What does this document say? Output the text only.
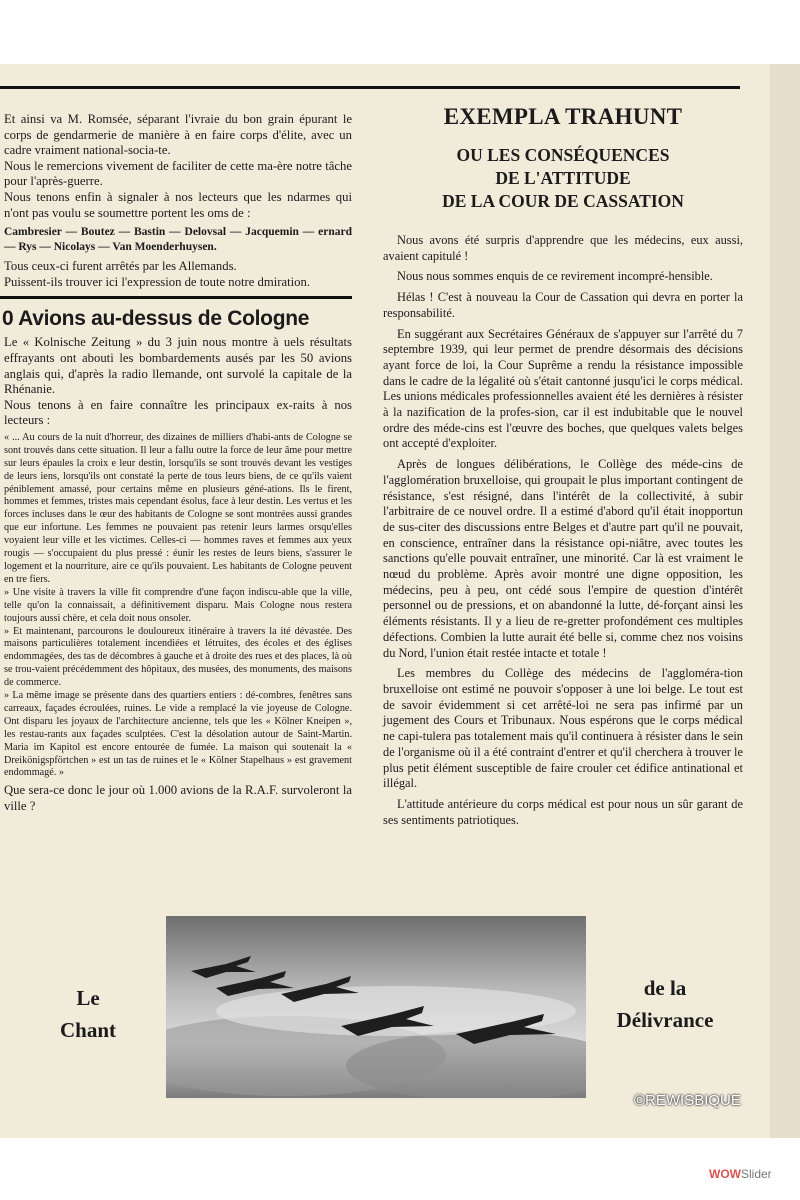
Et ainsi va M. Romsée, séparant l'ivraie du bon grain épurant le corps de gendarmerie de manière à en faire corps d'élite, avec un cadre vraiment national-socia-te.

Nous le remercions vivement de faciliter de cette ma-ère notre tâche pour l'après-guerre.

Nous tenons enfin à signaler à nos lecteurs que les ndarmes qui n'ont pas voulu se soumettre portent les oms de :

Cambresier — Boutez — Bastin — Delovsal — Jacquemin — ernard — Rys — Nicolays — Van Moenderhuysen.

Tous ceux-ci furent arrêtés par les Allemands.

Puissent-ils trouver ici l'expression de toute notre dmiration.

0 Avions au-dessus de Cologne

Le « Kolnische Zeitung » du 3 juin nous montre à uels résultats effrayants ont abouti les bombardements ausés par les 50 avions anglais qui, d'après la radio llemande, ont survolé la capitale de la Rhénanie.

Nous tenons à en faire connaître les principaux ex-raits à nos lecteurs :

« ... Au cours de la nuit d'horreur, des dizaines de milliers d'habi-ants de Cologne se sont trouvés dans cette situation. Il leur a fallu outre la force de leur âme pour mettre sur leurs épaules la croix e leur destin, lorsqu'ils se sont trouvés devant les vestiges de leurs iens, lorsqu'ils ont constaté la perte de tous leurs biens, de ce qu'ils vaient péniblement amassé, pour certains même en plusieurs géné-ations. Ils le firent, hommes et femmes, tristes mais cependant ésolus, face à leur destin. Les vertus et les forces incluses dans le œur des habitants de Cologne se sont montrées aussi grandes que eur infortune. Les femmes ne pouvaient pas retenir leurs larmes orsqu'elles voyaient leur ville et les victimes. Celles-ci — hommes raves et femmes aux yeux rougis — s'occupaient du plus pressé : éunir les restes de leurs biens, s'assurer le logement et la nourriture, aire ce qu'ils pouvaient. Les habitants de Cologne peuvent en tre fiers.

» Une visite à travers la ville fit comprendre d'une façon indiscu-able que la ville, telle qu'on la connaissait, a définitivement disparu. Mais Cologne nous restera toujours aussi chère, et cela doit nous onsoler.

» Et maintenant, parcourons le douloureux itinéraire à travers la ité dévastée. Des maisons particulières totalement incendiées et létruites, des écoles et des églises endommagées, des tas de décombres à gauche et à droite des rues et des places, là où se trou-vaient précédemment des hôpitaux, des musées, des monuments, des maisons de commerce.

» La même image se présente dans des quartiers entiers : dé-combres, fenêtres sans carreaux, façades écroulées, ruines. Le vide a remplacé la vie joyeuse de Cologne. Ont disparu les joyaux de l'architecture ancienne, tels que les « Kölner Kneipen », les restau-rants aux façades sculptées. C'est la désolation autour de Saint-Martin. Maria im Kapitol est encore entourée de fumée. La maison qui soutenait la « Dreikönigspförtchen » est un tas de ruines et le « Kölner Stapelhaus » est gravement endommagé. »

Que sera-ce donc le jour où 1.000 avions de la R.A.F. survoleront la ville ?

EXEMPLA TRAHUNT
OU LES CONSÉQUENCES
DE L'ATTITUDE
DE LA COUR DE CASSATION

Nous avons été surpris d'apprendre que les médecins, eux aussi, avaient capitulé !

Nous nous sommes enquis de ce revirement incompré-hensible.

Hélas ! C'est à nouveau la Cour de Cassation qui devra en porter la responsabilité.

En suggérant aux Secrétaires Généraux de s'appuyer sur l'arrêté du 7 septembre 1939, qui leur permet de prendre désormais des décisions ayant force de loi, la Cour Suprême a rendu la résistance impossible dans le cadre de la légalité où s'était cantonné jusqu'ici le corps médical. Les unions médicales professionnelles avaient été les dernières à résister à la nazification de la profes-sion, car il est indubitable que le nouvel ordre des méde-cins est l'œuvre des boches, que quelques valets belges ont accepté d'exploiter.

Après de longues délibérations, le Collège des méde-cins de l'agglomération bruxelloise, qui groupait le plus important contingent de résistance, s'est résigné, dans l'intérêt de la collectivité, à subir l'arbitraire de ce nouvel ordre. Il a estimé d'abord qu'il était inopportun de sus-citer des discussions entre Belges et d'autre part qu'il ne pouvait, en conscience, entraîner dans la résistance opi-niâtre, avec toutes les sanctions qu'elle pouvait entraîner, une minorité. Car là est vraiment le nœud du problème. Après avoir montré une digne opposition, les médecins, peu à peu, ont cédé sous l'empire de question d'intérêt personnel ou de pressions, et on abandonné la lutte, dé-forçant ainsi les éléments résistants. Il y a lieu de re-gretter profondément ces multiples défections. Combien la lutte aurait été belle si, comme chez nos voisins du Nord, l'union était restée intacte et totale !

Les membres du Collège des médecins de l'aggloméra-tion bruxelloise ont estimé ne pouvoir s'opposer à une loi belge. Le tout est de savoir évidemment si cet arrêté-loi ne sera pas infirmé par un jugement des Cours et Tribunaux. Nous espérons que le corps médical ne capi-tulera pas totalement mais qu'il continuera à résister dans le sein de l'organisme où il a été contraint d'entrer et qu'il cherchera à trouver le plus petit élément susceptible de faire crouler cet édifice antinational et illégal.

L'attitude antérieure du corps médical est pour nous un sûr garant de ses sentiments patriotiques.

Le
Chant
de la
Délivrance
©REWISBIQUE
WOWSlider
